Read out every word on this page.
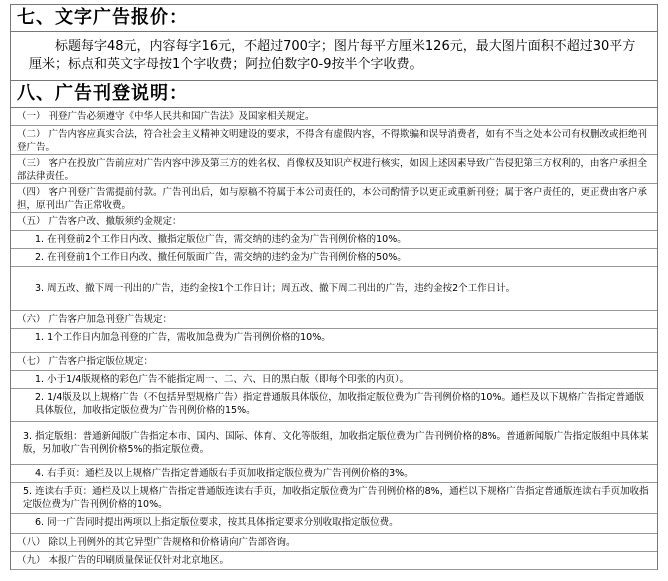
七、文字广告报价：
标题每字48元，内容每字16元，不超过700字；图片每平方厘米126元，最大图片面积不超过30平方厘米；标点和英文字母按1个字收费；阿拉伯数字0-9按半个字收费。
八、广告刊登说明：
（一） 刊登广告必须遵守《中华人民共和国广告法》及国家相关规定。
（二） 广告内容应真实合法，符合社会主义精神文明建设的要求，不得含有虚假内容，不得欺骗和误导消费者，如有不当之处本公司有权删改或拒绝刊登广告。
（三） 客户在投放广告前应对广告内容中涉及第三方的姓名权、肖像权及知识产权进行核实，如因上述因素导致广告侵犯第三方权利的，由客户承担全部法律责任。
（四） 客户刊登广告需提前付款。广告刊出后，如与原稿不符属于本公司责任的，本公司酌情予以更正或重新刊登；属于客户责任的，更正费由客户承担，原刊出广告正常收费。
（五） 广告客户改、撤版须约金规定：
1. 在刊登前2个工作日内改、撤指定版位广告，需交纳的违约金为广告刊例价格的10%。
2. 在刊登前1个工作日内改、撤任何版面广告，需交纳的违约金为广告刊例价格的50%。
3. 周五改、撤下周一刊出的广告，违约金按1个工作日计；周五改、撤下周二刊出的广告，违约金按2个工作日计。
（六） 广告客户加急刊登广告规定：
1. 1个工作日内加急刊登的广告，需收加急费为广告刊例价格的10%。
（七） 广告客户指定版位规定：
1. 小于1/4版规格的彩色广告不能指定周一、二、六、日的黑白版（即每个印张的内页）。
2. 1/4版及以上规格广告（不包括异型规格广告）指定普通版具体版位，加收指定版位费为广告刊例价格的10%。通栏及以下规格广告指定普通版具体版位，加收指定版位费为广告刊例价格的15%。
3. 指定版组：普通新闻版广告指定本市、国内、国际、体育、文化等版组，加收指定版位费为广告刊例价格的8%。普通新闻版广告指定版组中具体某版，另加收广告刊例价格5%的指定版位费。
4. 右手页：通栏及以上规格广告指定普通版右手页加收指定版位费为广告刊例价格的3%。
5. 连读右手页：通栏及以上规格广告指定普通版连读右手页，加收指定版位费为广告刊例价格的8%，通栏以下规格广告指定普通版连读右手页加收指定版位费为广告刊例价格的10%。
6. 同一广告同时提出两项以上指定版位要求，按其具体指定要求分别收取指定版位费。
（八） 除以上刊例外的其它异型广告规格和价格请向广告部咨询。
（九） 本报广告的印刷质量保证仅针对北京地区。
